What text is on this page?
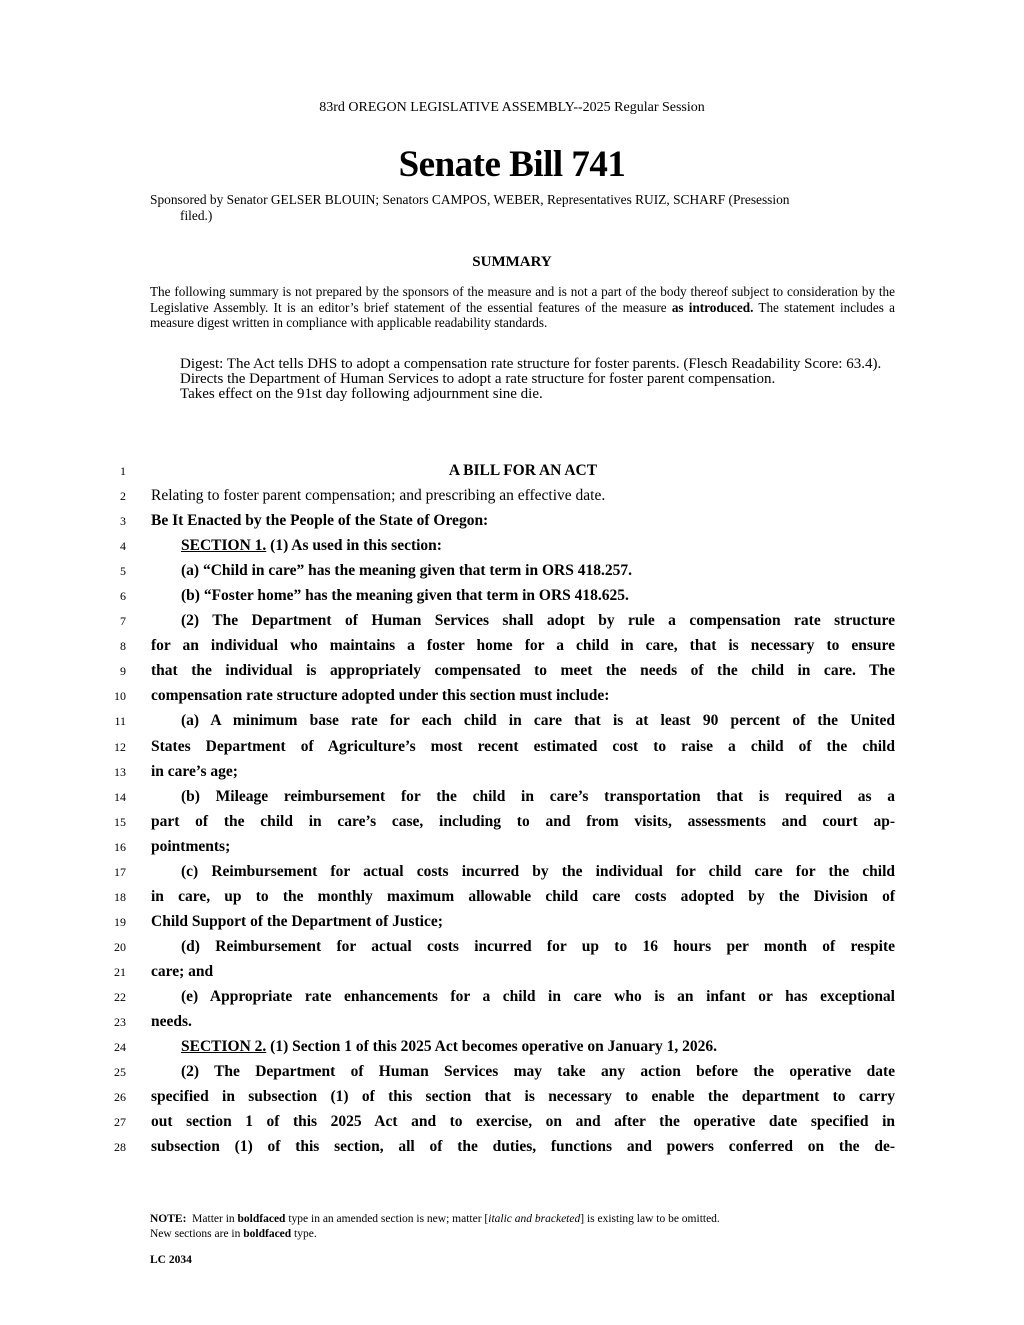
83rd OREGON LEGISLATIVE ASSEMBLY--2025 Regular Session
Senate Bill 741
Sponsored by Senator GELSER BLOUIN; Senators CAMPOS, WEBER, Representatives RUIZ, SCHARF (Presession
filed.)
SUMMARY
The following summary is not prepared by the sponsors of the measure and is not a part of the body thereof subject to consideration by the Legislative Assembly. It is an editor’s brief statement of the essential features of the measure as introduced. The statement includes a measure digest written in compliance with applicable readability standards.

Digest: The Act tells DHS to adopt a compensation rate structure for foster parents. (Flesch Readability Score: 63.4).

Directs the Department of Human Services to adopt a rate structure for foster parent compensation.

Takes effect on the 91st day following adjournment sine die.

1	A BILL FOR AN ACT
2 Relating to foster parent compensation; and prescribing an effective date.
3 Be It Enacted by the People of the State of Oregon:
4	SECTION 1. (1) As used in this section:
5	(a) “Child in care” has the meaning given that term in ORS 418.257.
6	(b) “Foster home” has the meaning given that term in ORS 418.625.
7	(2) The Department of Human Services shall adopt by rule a compensation rate structure
8 for an individual who maintains a foster home for a child in care, that is necessary to ensure
9 that the individual is appropriately compensated to meet the needs of the child in care. The
10 compensation rate structure adopted under this section must include:
11	(a) A minimum base rate for each child in care that is at least 90 percent of the United
12 States Department of Agriculture’s most recent estimated cost to raise a child of the child
13 in care’s age;
14	(b) Mileage reimbursement for the child in care’s transportation that is required as a
15 part of the child in care’s case, including to and from visits, assessments and court ap-
16 pointments;
17	(c) Reimbursement for actual costs incurred by the individual for child care for the child
18 in care, up to the monthly maximum allowable child care costs adopted by the Division of
19 Child Support of the Department of Justice;
20	(d) Reimbursement for actual costs incurred for up to 16 hours per month of respite
21 care; and
22	(e) Appropriate rate enhancements for a child in care who is an infant or has exceptional
23 needs.
24	SECTION 2. (1) Section 1 of this 2025 Act becomes operative on January 1, 2026.
25	(2) The Department of Human Services may take any action before the operative date
26 specified in subsection (1) of this section that is necessary to enable the department to carry
27 out section 1 of this 2025 Act and to exercise, on and after the operative date specified in
28 subsection (1) of this section, all of the duties, functions and powers conferred on the de-
NOTE: Matter in boldfaced type in an amended section is new; matter [italic and bracketed] is existing law to be omitted.
New sections are in boldfaced type.
LC 2034
